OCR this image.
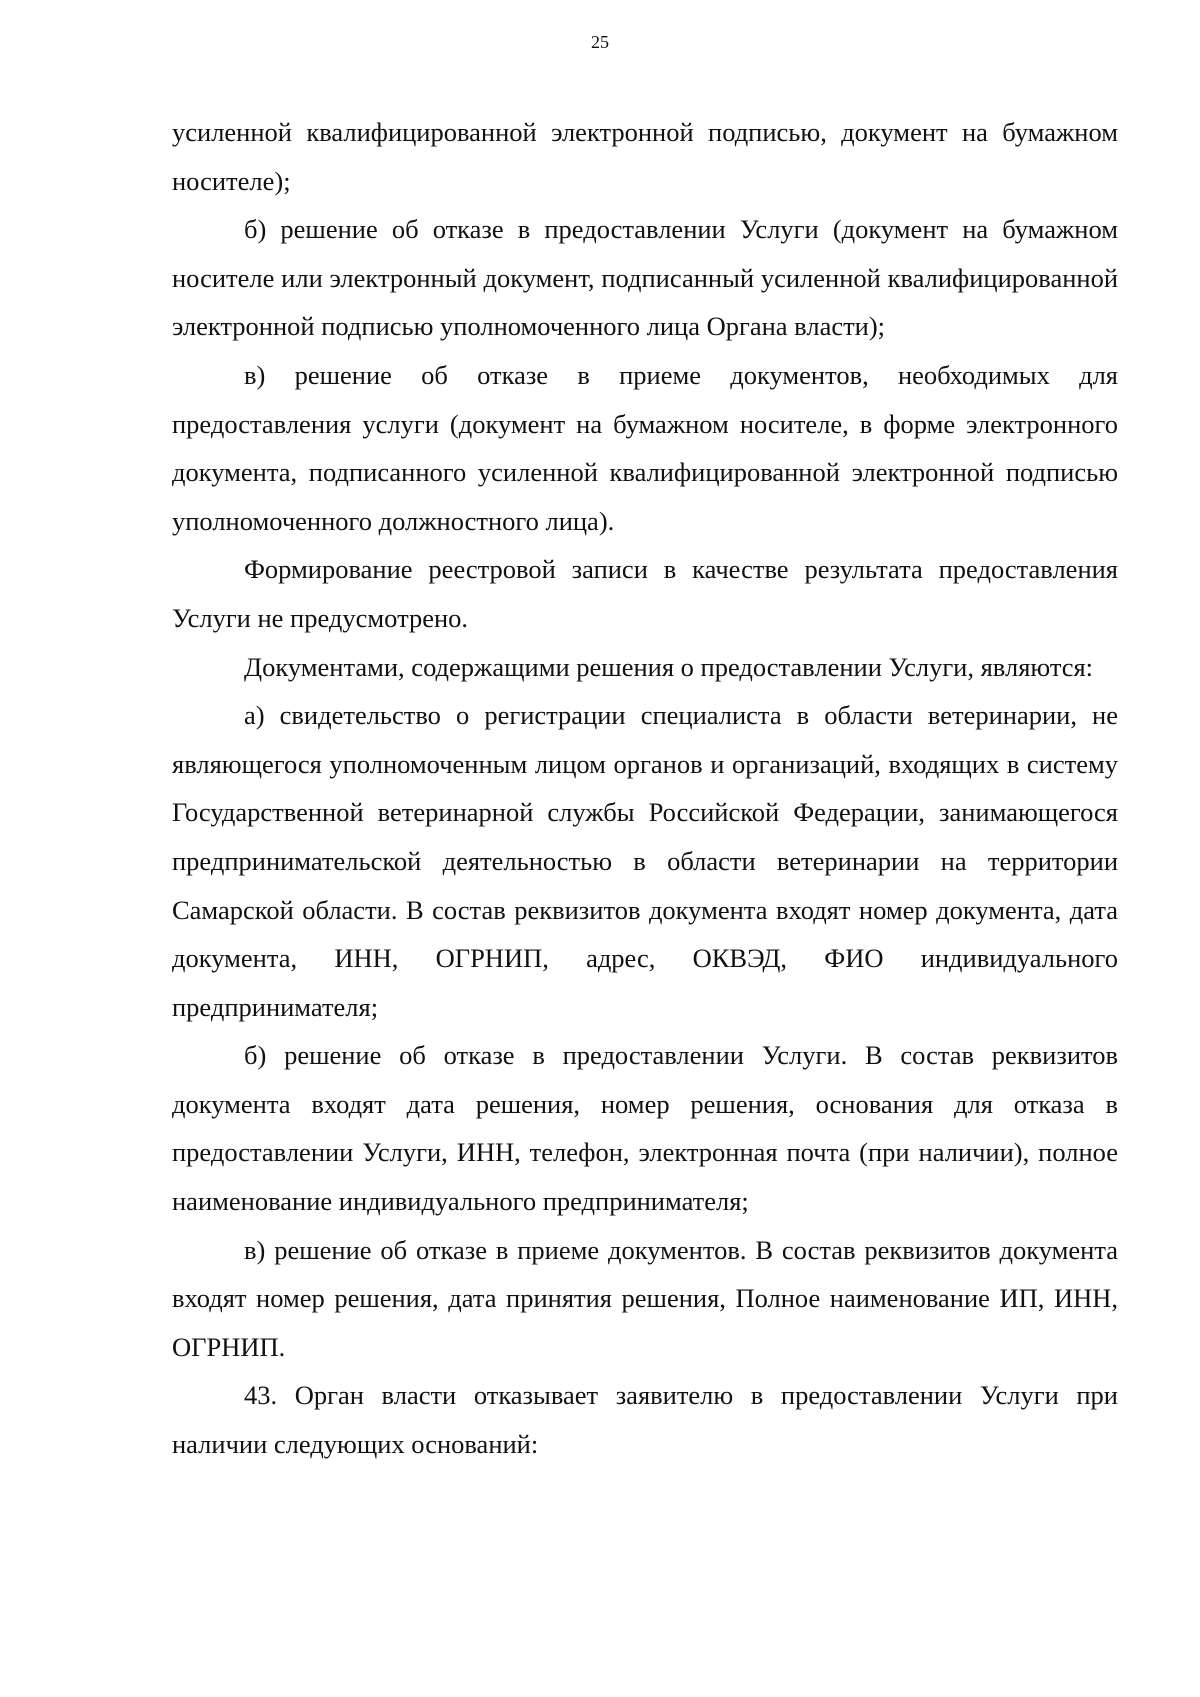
25

усиленной квалифицированной электронной подписью, документ на бумажном носителе);

б) решение об отказе в предоставлении Услуги (документ на бумажном носителе или электронный документ, подписанный усиленной квалифицированной электронной подписью уполномоченного лица Органа власти);

в) решение об отказе в приеме документов, необходимых для предоставления услуги (документ на бумажном носителе, в форме электронного документа, подписанного усиленной квалифицированной электронной подписью уполномоченного должностного лица).

Формирование реестровой записи в качестве результата предоставления Услуги не предусмотрено.

Документами, содержащими решения о предоставлении Услуги, являются:

а) свидетельство о регистрации специалиста в области ветеринарии, не являющегося уполномоченным лицом органов и организаций, входящих в систему Государственной ветеринарной службы Российской Федерации, занимающегося предпринимательской деятельностью в области ветеринарии на территории Самарской области. В состав реквизитов документа входят номер документа, дата документа, ИНН, ОГРНИП, адрес, ОКВЭД, ФИО индивидуального предпринимателя;

б) решение об отказе в предоставлении Услуги. В состав реквизитов документа входят дата решения, номер решения, основания для отказа в предоставлении Услуги, ИНН, телефон, электронная почта (при наличии), полное наименование индивидуального предпринимателя;

в) решение об отказе в приеме документов. В состав реквизитов документа входят номер решения, дата принятия решения, Полное наименование ИП, ИНН, ОГРНИП.

43. Орган власти отказывает заявителю в предоставлении Услуги при наличии следующих оснований:
